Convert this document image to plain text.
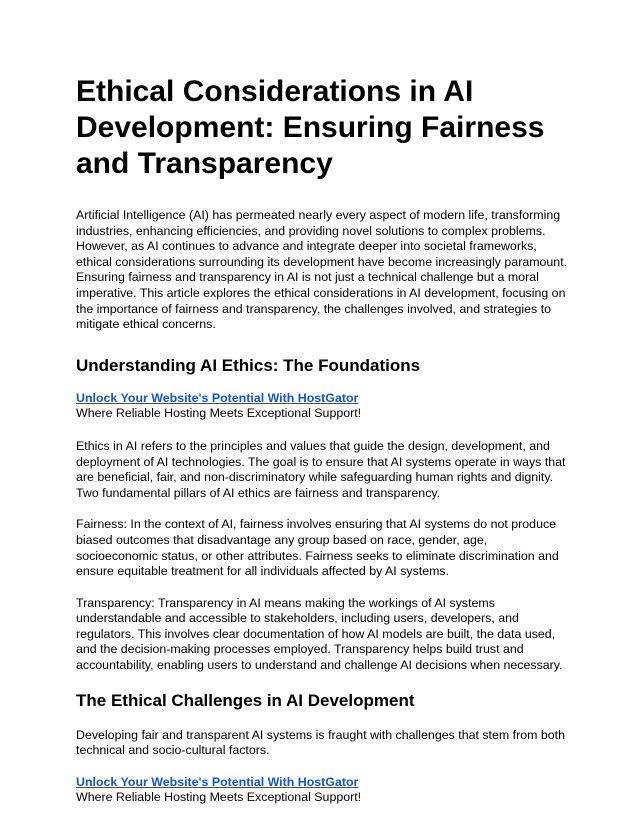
Ethical Considerations in AI Development: Ensuring Fairness and Transparency

Artificial Intelligence (AI) has permeated nearly every aspect of modern life, transforming industries, enhancing efficiencies, and providing novel solutions to complex problems. However, as AI continues to advance and integrate deeper into societal frameworks, ethical considerations surrounding its development have become increasingly paramount. Ensuring fairness and transparency in AI is not just a technical challenge but a moral imperative. This article explores the ethical considerations in AI development, focusing on the importance of fairness and transparency, the challenges involved, and strategies to mitigate ethical concerns.

Understanding AI Ethics: The Foundations

Unlock Your Website's Potential With HostGator
Where Reliable Hosting Meets Exceptional Support!

Ethics in AI refers to the principles and values that guide the design, development, and deployment of AI technologies. The goal is to ensure that AI systems operate in ways that are beneficial, fair, and non-discriminatory while safeguarding human rights and dignity. Two fundamental pillars of AI ethics are fairness and transparency.

Fairness: In the context of AI, fairness involves ensuring that AI systems do not produce biased outcomes that disadvantage any group based on race, gender, age, socioeconomic status, or other attributes. Fairness seeks to eliminate discrimination and ensure equitable treatment for all individuals affected by AI systems.

Transparency: Transparency in AI means making the workings of AI systems understandable and accessible to stakeholders, including users, developers, and regulators. This involves clear documentation of how AI models are built, the data used, and the decision-making processes employed. Transparency helps build trust and accountability, enabling users to understand and challenge AI decisions when necessary.

The Ethical Challenges in AI Development

Developing fair and transparent AI systems is fraught with challenges that stem from both technical and socio-cultural factors.

Unlock Your Website's Potential With HostGator
Where Reliable Hosting Meets Exceptional Support!
